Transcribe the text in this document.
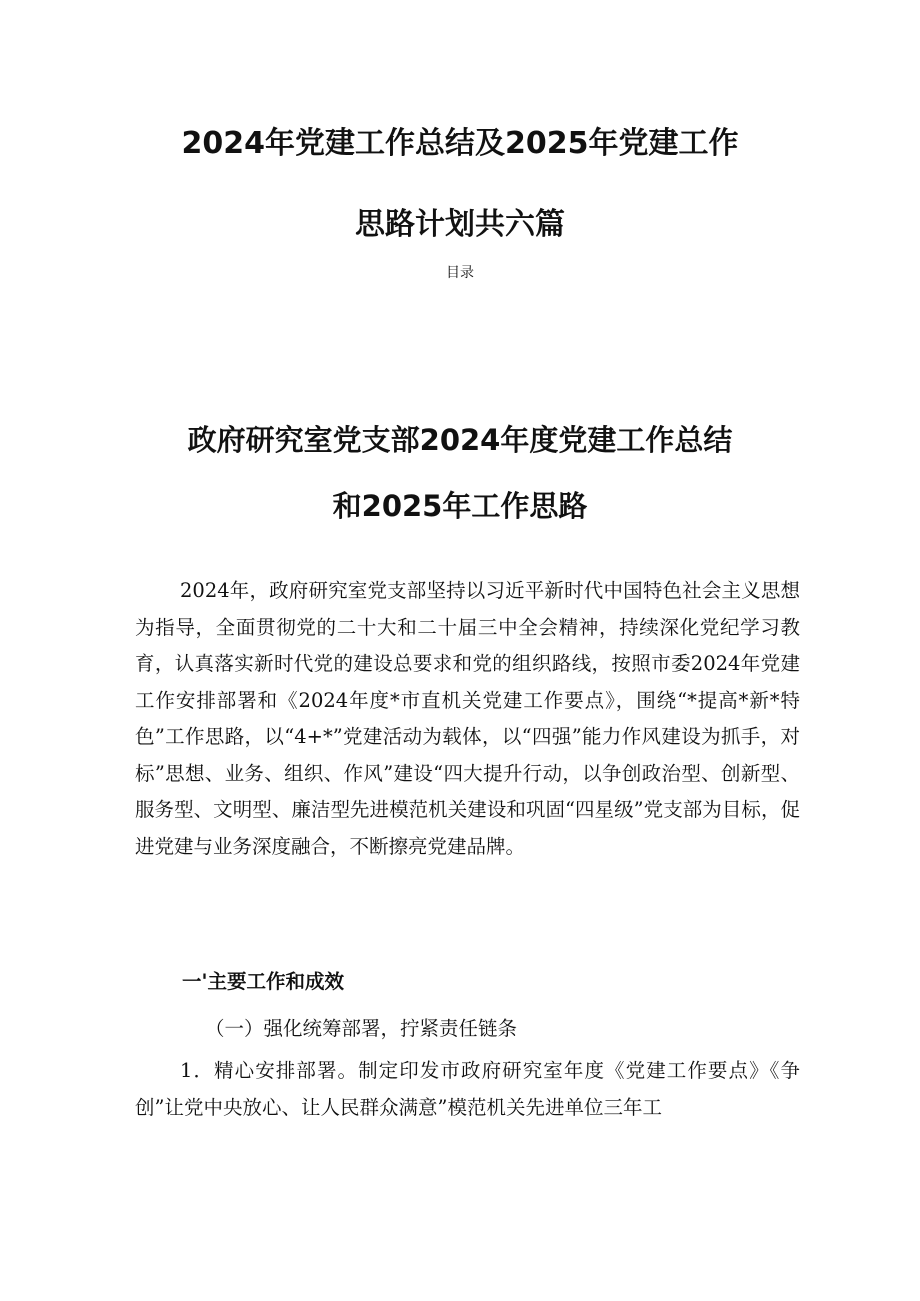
2024年党建工作总结及2025年党建工作
思路计划共六篇

目录

政府研究室党支部2024年度党建工作总结
和2025年工作思路

2024年，政府研究室党支部坚持以习近平新时代中国特色社会主义思想为指导，全面贯彻党的二十大和二十届三中全会精神，持续深化党纪学习教育，认真落实新时代党的建设总要求和党的组织路线，按照市委2024年党建工作安排部署和《2024年度*市直机关党建工作要点》，围绕“*提高*新*特色”工作思路，以“4+*”党建活动为载体，以“四强”能力作风建设为抓手，对标”思想、业务、组织、作风”建设“四大提升行动，以争创政治型、创新型、服务型、文明型、廉洁型先进模范机关建设和巩固“四星级”党支部为目标，促进党建与业务深度融合，不断擦亮党建品牌。

一'主要工作和成效

（一）强化统筹部署，拧紧责任链条

1．精心安排部署。制定印发市政府研究室年度《党建工作要点》《争创”让党中央放心、让人民群众满意”模范机关先进单位三年工
